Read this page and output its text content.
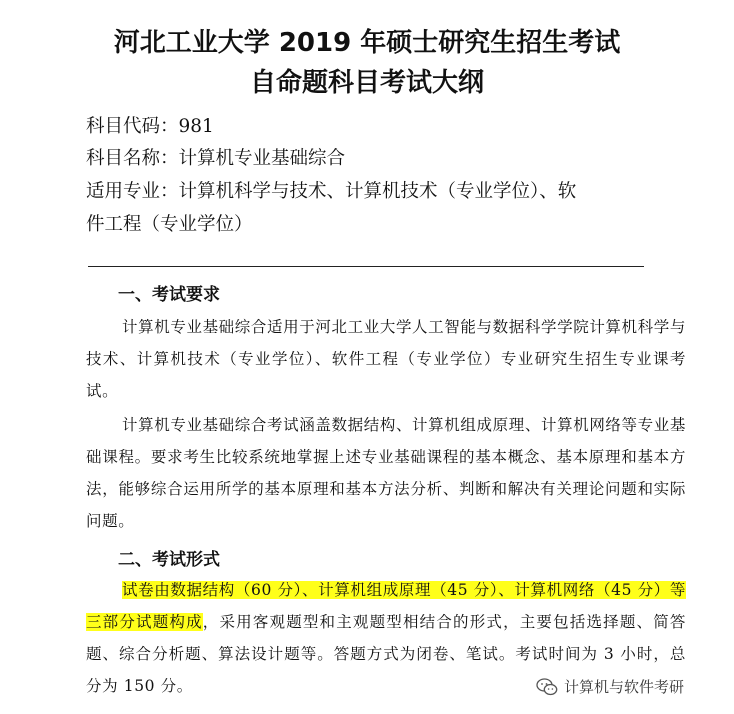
河北工业大学 2019 年硕士研究生招生考试
自命题科目考试大纲
科目代码：981
科目名称：计算机专业基础综合
适用专业：计算机科学与技术、计算机技术（专业学位）、软
件工程（专业学位）
一、考试要求
计算机专业基础综合适用于河北工业大学人工智能与数据科学学院计算机科学与技术、计算机技术（专业学位）、软件工程（专业学位）专业研究生招生专业课考试。
计算机专业基础综合考试涵盖数据结构、计算机组成原理、计算机网络等专业基础课程。要求考生比较系统地掌握上述专业基础课程的基本概念、基本原理和基本方法，能够综合运用所学的基本原理和基本方法分析、判断和解决有关理论问题和实际问题。
二、考试形式
试卷由数据结构（60 分）、计算机组成原理（45 分）、计算机网络（45 分）等三部分试题构成，采用客观题型和主观题型相结合的形式，主要包括选择题、简答题、综合分析题、算法设计题等。答题方式为闭卷、笔试。考试时间为 3 小时，总分为 150 分。	计算机与软件考研
